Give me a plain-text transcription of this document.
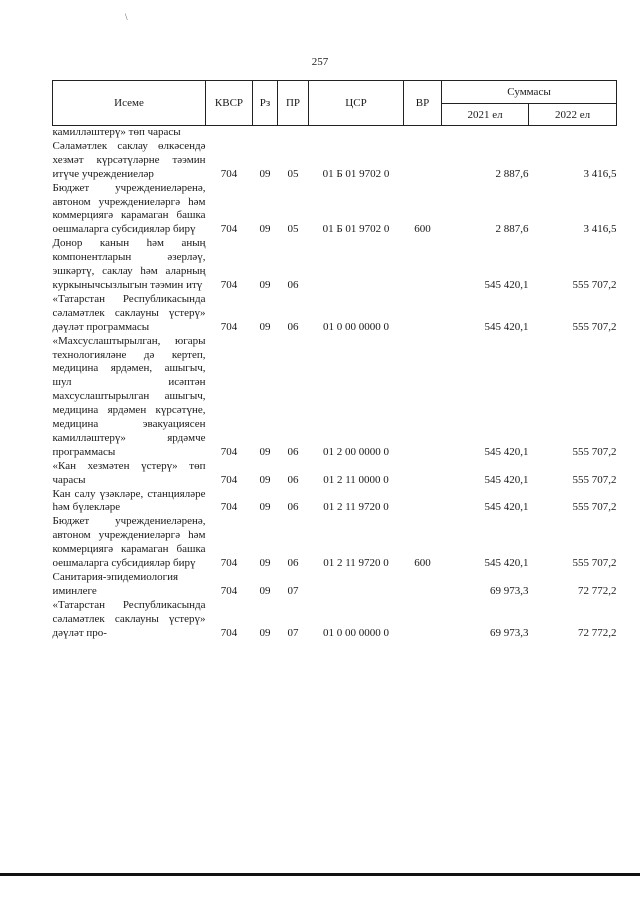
\
257
Исеме	КВСР	Рз	ПР	ЦСР	ВР	Суммасы	
						2021 ел	2022 ел
камилләштерү» төп чарасы							
Сәламәтлек саклау өлкәсендә хезмәт күрсәтүләрне тәэмин итүче учреждениеләр	704	09	05	01 Б 01 9702 0		2 887,6	3 416,5
Бюджет учреждениеләренә, автоном учреждениеләргә һәм коммерциягә карамаган башка оешмаларга субсидияләр бирү	704	09	05	01 Б 01 9702 0	600	2 887,6	3 416,5
Донор канын һәм аның компонентларын әзерләү, эшкәртү, саклау һәм аларның куркынычсызлыгын тәэмин итү	704	09	06			545 420,1	555 707,2
«Татарстан Республикасында сәламәтлек саклауны үстерү» дәүләт программасы	704	09	06	01 0 00 0000 0		545 420,1	555 707,2
«Махсуслаштырылган, югары технологияләне дә кертеп, медицина ярдәмен, ашыгыч, шул исәптән махсуслаштырылган ашыгыч, медицина ярдәмен күрсәтүне, медицина эвакуациясен камилләштерү» ярдәмче программасы	704	09	06	01 2 00 0000 0		545 420,1	555 707,2
«Кан хезмәтен үстерү» төп чарасы	704	09	06	01 2 11 0000 0		545 420,1	555 707,2
Кан салу үзәкләре, станцияләре һәм бүлекләре	704	09	06	01 2 11 9720 0		545 420,1	555 707,2
Бюджет учреждениеләренә, автоном учреждениеләргә һәм коммерциягә карамаган башка оешмаларга субсидияләр бирү	704	09	06	01 2 11 9720 0	600	545 420,1	555 707,2
Санитария-эпидемиология иминлеге	704	09	07			69 973,3	72 772,2
«Татарстан Республикасында сәламәтлек саклауны үстерү» дәүләт про-	704	09	07	01 0 00 0000 0		69 973,3	72 772,2
